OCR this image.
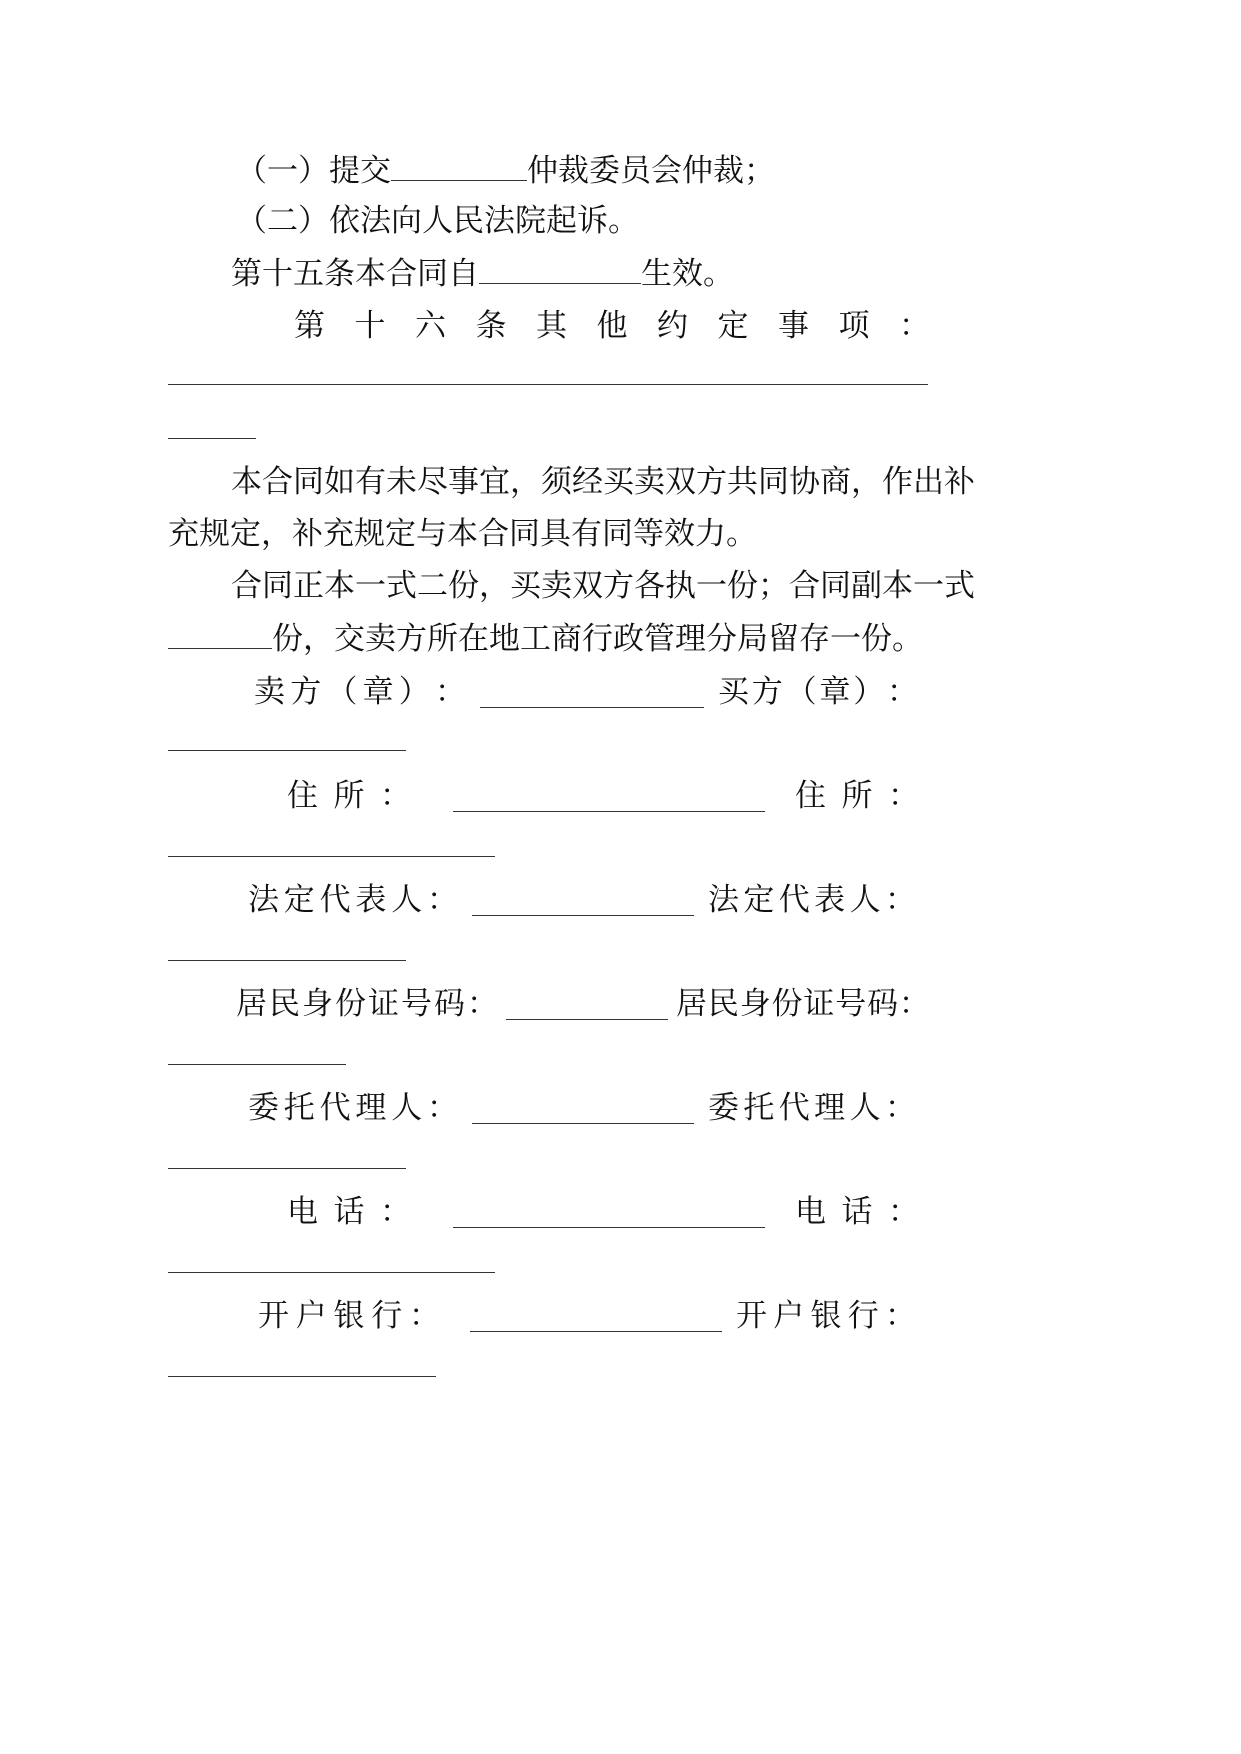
（一）提交	仲裁委员会仲裁；
（二）依法向人民法院起诉。
第十五条本合同自	生效。
第 十 六 条 其 他 约 定 事 项 ：
本合同如有未尽事宜，须经买卖双方共同协商，作出补
充规定，补充规定与本合同具有同等效力。
合同正本一式二份，买卖双方各执一份；合同副本一式
份，交卖方所在地工商行政管理分局留存一份。
卖 方 （ 章 ） ：	买 方 （ 章 ） ：
住 所 ：	住 所 ：
法 定 代 表 人 ：	法 定 代 表 人 ：
居 民 身 份 证 号 码 ：	居 民 身 份 证 号 码 ：
委 托 代 理 人 ：	委 托 代 理 人 ：
电 话 ：	电 话 ：
开 户 银 行 ：	开 户 银 行 ：
